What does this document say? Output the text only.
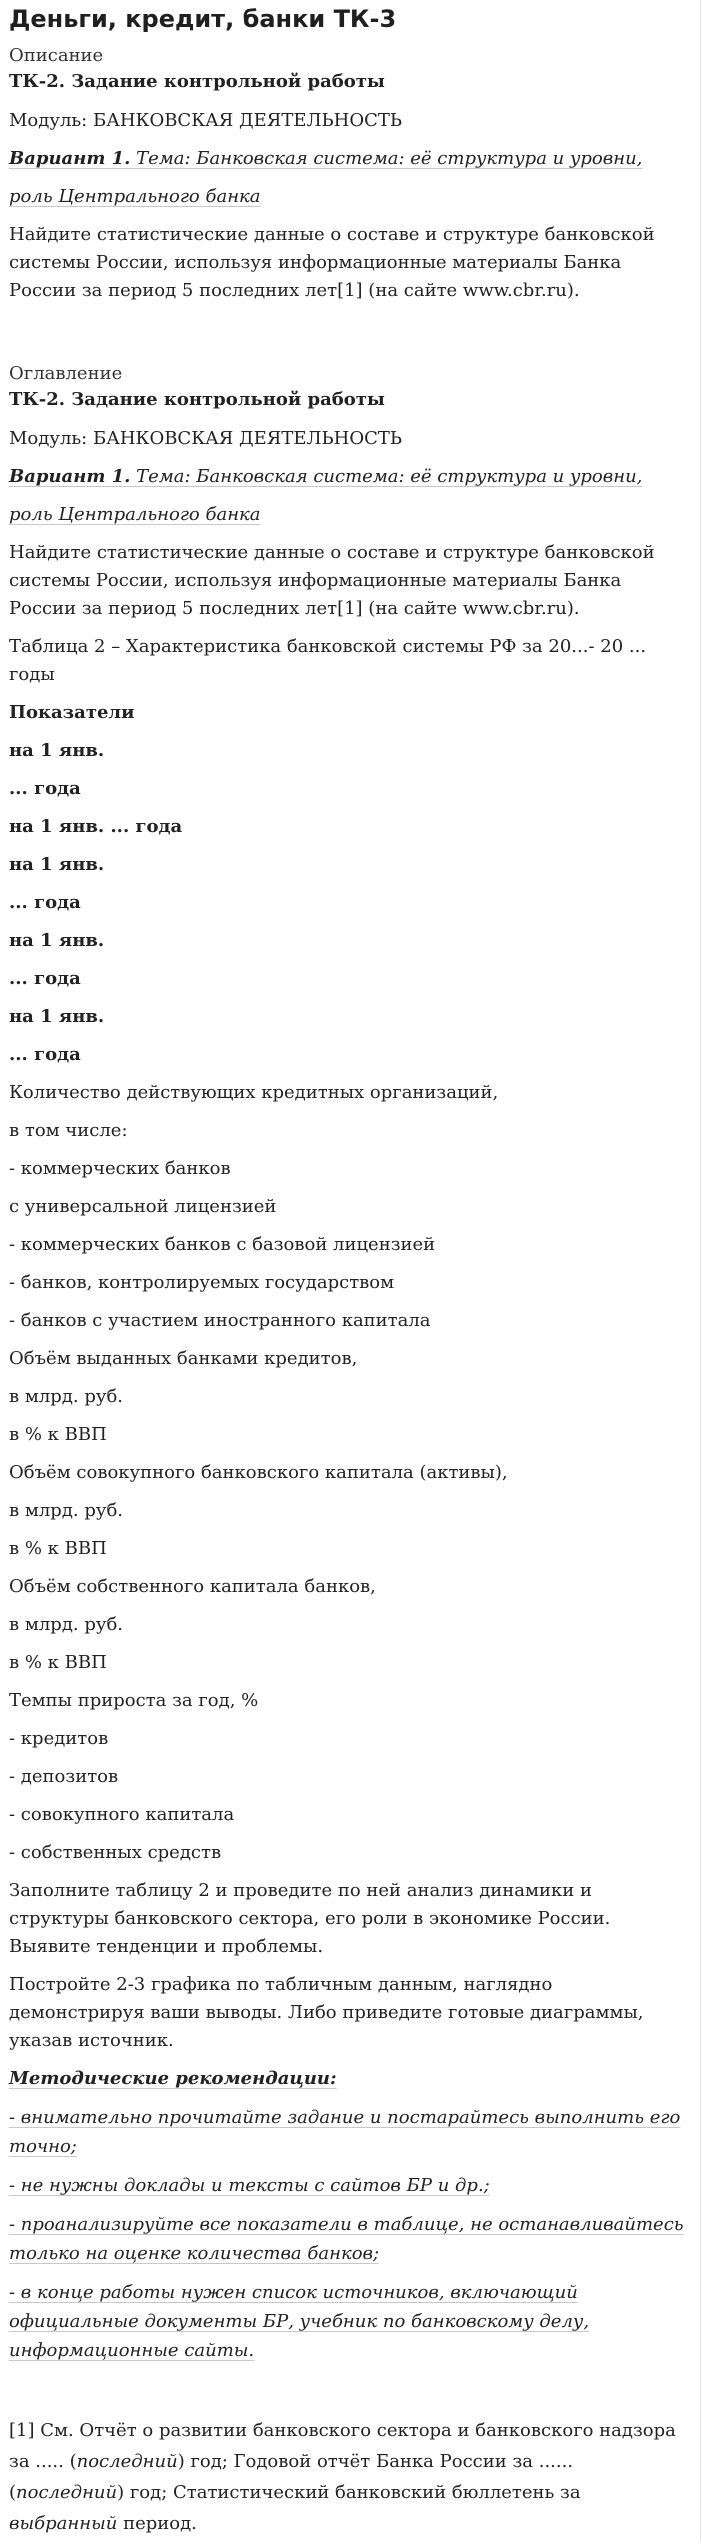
Деньги, кредит, банки ТК-3
Описание
ТК-2. Задание контрольной работы

Модуль: БАНКОВСКАЯ ДЕЯТЕЛЬНОСТЬ

Вариант 1. Тема: Банковская система: её структура и уровни,

роль Центрального банка

Найдите статистические данные о составе и структуре банковской системы России, используя информационные материалы Банка России за период 5 последних лет[1] (на сайте www.cbr.ru).

Оглавление
ТК-2. Задание контрольной работы

Модуль: БАНКОВСКАЯ ДЕЯТЕЛЬНОСТЬ

Вариант 1. Тема: Банковская система: её структура и уровни,

роль Центрального банка

Найдите статистические данные о составе и структуре банковской системы России, используя информационные материалы Банка России за период 5 последних лет[1] (на сайте www.cbr.ru).

Таблица 2 – Характеристика банковской системы РФ за 20...- 20 ... годы

Показатели
на 1 янв.
... года
на 1 янв. ... года
на 1 янв.
... года
на 1 янв.
... года
на 1 янв.
... года
Количество действующих кредитных организаций,
в том числе:
- коммерческих банков
с универсальной лицензией
- коммерческих банков с базовой лицензией
- банков, контролируемых государством
- банков с участием иностранного капитала
Объём выданных банками кредитов,
в млрд. руб.
в % к ВВП
Объём совокупного банковского капитала (активы),
в млрд. руб.
в % к ВВП
Объём собственного капитала банков,
в млрд. руб.
в % к ВВП
Темпы прироста за год, %
- кредитов
- депозитов
- совокупного капитала
- собственных средств

Заполните таблицу 2 и проведите по ней анализ динамики и структуры банковского сектора, его роли в экономике России. Выявите тенденции и проблемы.

Постройте 2-3 графика по табличным данным, наглядно демонстрируя ваши выводы. Либо приведите готовые диаграммы, указав источник.

Методические рекомендации:

- внимательно прочитайте задание и постарайтесь выполнить его точно;

- не нужны доклады и тексты с сайтов БР и др.;

- проанализируйте все показатели в таблице, не останавливайтесь только на оценке количества банков;

- в конце работы нужен список источников, включающий официальные документы БР, учебник по банковскому делу, информационные сайты.

[1] См. Отчёт о развитии банковского сектора и банковского надзора за ..... (последний) год; Годовой отчёт Банка России за ...... (последний) год; Статистический банковский бюллетень за выбранный период.
